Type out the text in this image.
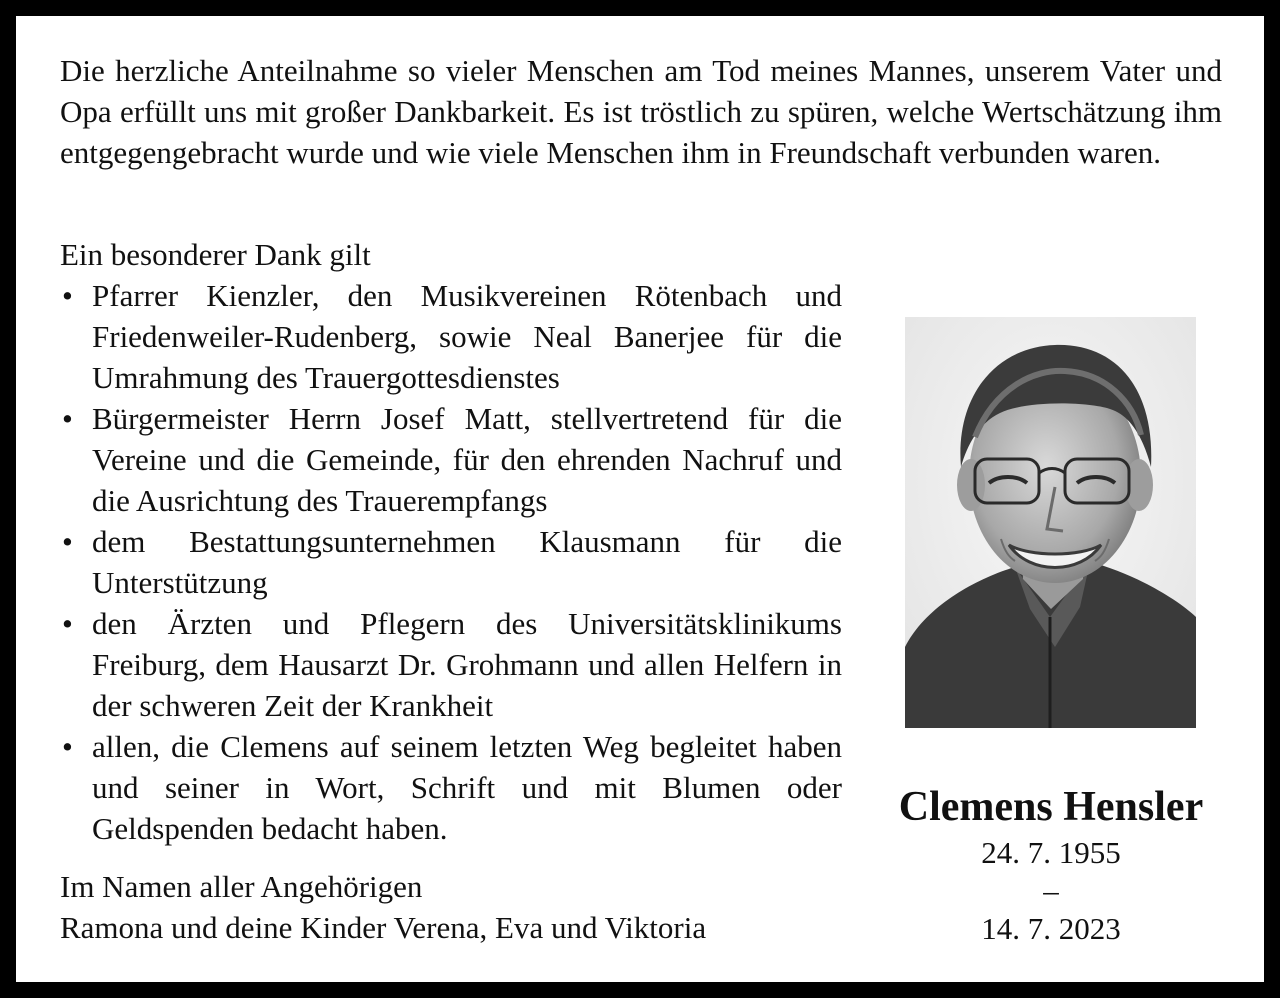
Die herzliche Anteilnahme so vieler Menschen am Tod meines Mannes, unserem Vater und Opa erfüllt uns mit großer Dankbarkeit. Es ist tröstlich zu spüren, welche Wertschätzung ihm entgegengebracht wurde und wie viele Menschen ihm in Freundschaft verbunden waren.

Ein besonderer Dank gilt

• Pfarrer Kienzler, den Musikvereinen Rötenbach und Friedenweiler-Rudenberg, sowie Neal Banerjee für die Umrahmung des Trauergottesdienstes
• Bürgermeister Herrn Josef Matt, stellvertretend für die Vereine und die Gemeinde, für den ehrenden Nachruf und die Ausrichtung des Trauerempfangs
• dem Bestattungsunternehmen Klausmann für die Unterstützung
• den Ärzten und Pflegern des Universitätsklinikums Freiburg, dem Hausarzt Dr. Grohmann und allen Helfern in der schweren Zeit der Krankheit
• allen, die Clemens auf seinem letzten Weg begleitet haben und seiner in Wort, Schrift und mit Blumen oder Geldspenden bedacht haben.

Im Namen aller Angehörigen
Ramona und deine Kinder Verena, Eva und Viktoria

Clemens Hensler

24. 7. 1955
–
14. 7. 2023
